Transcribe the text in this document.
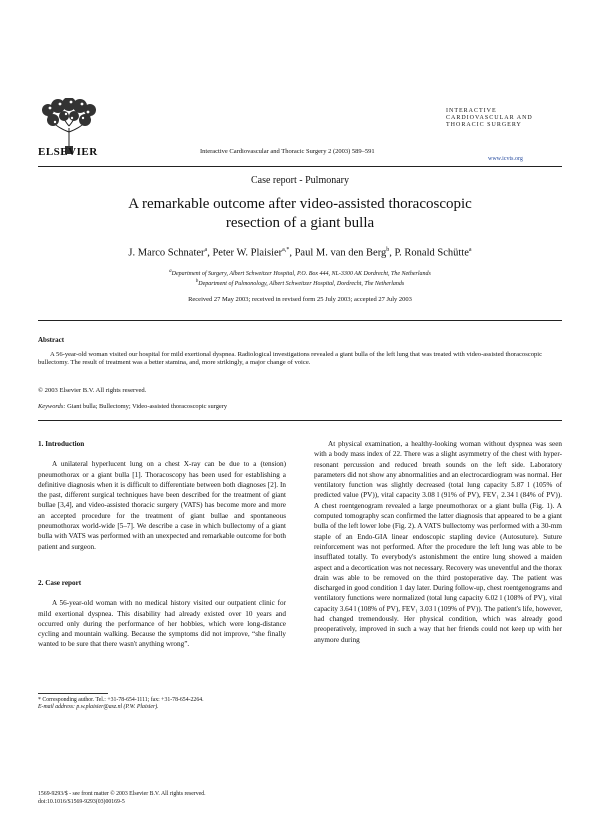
ELSEVIER	Interactive Cardiovascular and Thoracic Surgery 2 (2003) 589–591
INTERACTIVE
CARDIOVASCULAR AND
THORACIC SURGERY
www.icvts.org
Case report - Pulmonary
A remarkable outcome after video-assisted thoracoscopic
resection of a giant bulla
J. Marco Schnater$^a$, Peter W. Plaisier$^{a,*}$, Paul M. van den Berg$^b$, P. Ronald Schütte$^a$
$^a$Department of Surgery, Albert Schweitzer Hospital, P.O. Box 444, NL-3300 AK Dordrecht, The Netherlands
$^b$Department of Pulmonology, Albert Schweitzer Hospital, Dordrecht, The Netherlands
Received 27 May 2003; received in revised form 25 July 2003; accepted 27 July 2003
Abstract
A 56-year-old woman visited our hospital for mild exertional dyspnea. Radiological investigations revealed a giant bulla of the left lung that was treated with video-assisted thoracoscopic bullectomy. The result of treatment was a better stamina, and, more strikingly, a major change of voice.
© 2003 Elsevier B.V. All rights reserved.
Keywords: Giant bulla; Bullectomy; Video-assisted thoracoscopic surgery
1. Introduction

A unilateral hyperlucent lung on a chest X-ray can be due to a (tension) pneumothorax or a giant bulla [1]. Thoracoscopy has been used for establishing a definitive diagnosis when it is difficult to differentiate between both diagnoses [2]. In the past, different surgical techniques have been described for the treatment of giant bullae [3,4], and video-assisted thoracic surgery (VATS) has become more and more an accepted procedure for the treatment of giant bullae and spontaneous pneumothorax world-wide [5–7]. We describe a case in which bullectomy of a giant bulla with VATS was performed with an unexpected and remarkable outcome for both patient and surgeon.

2. Case report

A 56-year-old woman with no medical history visited our outpatient clinic for mild exertional dyspnea. This disability had already existed over 10 years and occurred only during the performance of her hobbies, which were long-distance cycling and mountain walking. Because the symptoms did not improve, “she finally wanted to be sure that there wasn't anything wrong”.

* Corresponding author. Tel.: +31-78-654-1111; fax: +31-78-654-2264.
E-mail address: p.w.plaisier@asz.nl (P.W. Plaisier).
1569-9293/$ - see front matter © 2003 Elsevier B.V. All rights reserved.
doi:10.1016/S1569-9293(03)00169-5

At physical examination, a healthy-looking woman without dyspnea was seen with a body mass index of 22. There was a slight asymmetry of the chest with hyper-resonant percussion and reduced breath sounds on the left side. Laboratory parameters did not show any abnormalities and an electrocardiogram was normal. Her ventilatory function was slightly decreased (total lung capacity 5.87 l (105% of predicted value (PV)), vital capacity 3.08 l (91% of PV), FEV₁ 2.34 l (84% of PV)). A chest roentgenogram revealed a large pneumothorax or a giant bulla (Fig. 1). A computed tomography scan confirmed the latter diagnosis that appeared to be a giant bulla of the left lower lobe (Fig. 2). A VATS bullectomy was performed with a 30-mm staple of an Endo-GIA linear endoscopic stapling device (Autosuture). Suture reinforcement was not performed. After the procedure the left lung was able to be insufflated totally. To everybody's astonishment the entire lung showed a maiden aspect and a decortication was not necessary. Recovery was uneventful and the thorax drain was able to be removed on the third postoperative day. The patient was discharged in good condition 1 day later. During follow-up, chest roentgenograms and ventilatory functions were normalized (total lung capacity 6.02 l (108% of PV), vital capacity 3.64 l (108% of PV), FEV₁ 3.03 l (109% of PV)). The patient's life, however, had changed tremendously. Her physical condition, which was already good preoperatively, improved in such a way that her friends could not keep up with her anymore during
